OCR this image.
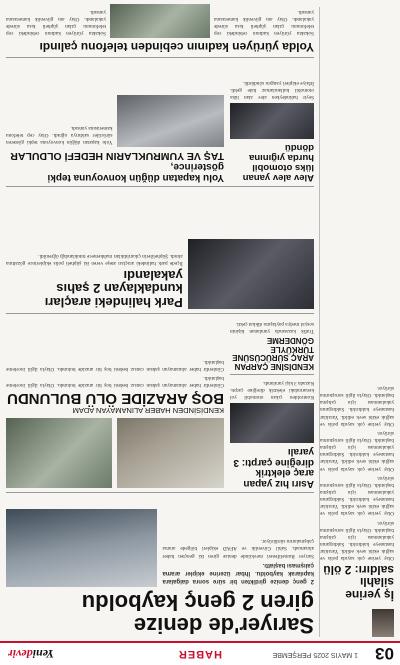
03
1 MAYIS 2025 PERŞEMBE
HABER
Yenidevir
İş yerine silahlı saldırı: 2 ölü

Olay yerine çok sayıda polis ve sağlık ekibi sevk edildi. Yaralılar hastaneye kaldırıldı. Saldırganın yakalanması için çalışma başlatıldı. Olayla ilgili soruşturma sürüyor.

Olay yerine çok sayıda polis ve sağlık ekibi sevk edildi. Yaralılar hastaneye kaldırıldı. Saldırganın yakalanması için çalışma başlatıldı. Olayla ilgili soruşturma sürüyor.

Olay yerine çok sayıda polis ve sağlık ekibi sevk edildi. Yaralılar hastaneye kaldırıldı. Saldırganın yakalanması için çalışma başlatıldı. Olayla ilgili soruşturma sürüyor.

Olay yerine çok sayıda polis ve sağlık ekibi sevk edildi. Yaralılar hastaneye kaldırıldı. Saldırganın yakalanması için çalışma başlatıldı. Olayla ilgili soruşturma sürüyor.

Sarıyer'de denize
giren 2 genç kayboldu

2 genç denize girdikten bir süre sonra dalgalara kapılarak kayboldu. İhbar üzerine ekipler arama çalışması başlattı.

Sarıyer Rumelifeneri mevkiinde denize giren iki gençten haber alınamadı. Sahil Güvenlik ve AFAD ekipleri bölgede arama çalışmalarını sürdürüyor.

Asırı hız yapan araç elektrik direğine çarptı: 3 yaralı

Kontrolden çıkan otomobil yol kenarındaki elektrik direğine çarptı. Kazada 3 kişi yaralandı.

KENDİSİNE ÇARPAN ARAÇ SÜRÜCÜSÜNE TÜRKÜYLE GÖNDERME

Trafik kazasında yaralanan kişinin sosyal medya paylaşımı dikkat çekti.

KENDİSİNDEN HABER ALINAMAYAN ADAM
BOŞ ARAZİDE ÖLÜ BULUNDU

Günlerdir haber alınamayan şahsın cansız bedeni boş bir arazide bulundu. Olayla ilgili inceleme başlatıldı.

Günlerdir haber alınamayan şahsın cansız bedeni boş bir arazide bulundu. Olayla ilgili inceleme başlatıldı.

Park halindeki araçları
kundaklayan 2 şahıs yakalandı

İlçede park halindeki araçları ateşe veren iki şüpheli polis ekiplerince gözaltına alındı. Şüphelilerin çıkarıldıkları mahkemece tutuklandığı öğrenildi.

Alev alev yanan lüks otomobil hurda yığınına döndü

Seyir halindeyken alev alan lüks otomobil kullanılamaz hale geldi. İtfaiye ekipleri yangını söndürdü.

Yolu kapatan düğün konvoyuna tepki gösterince,
TAŞ VE YUMRUKLARIN HEDEFİ OLDULAR

Yolu kapatan düğün konvoyuna tepki gösteren sürücüler saldırıya uğradı. Olay cep telefonu kamerasına yansıdı.

Yolda yürüyen kadının cebinden telefonu çalındı

Sokakta yürüyen kadının cebindeki cep telefonunu çalan şüpheli kısa sürede yakalandı. Olay anı güvenlik kamerasına yansıdı.

Sokakta yürüyen kadının cebindeki cep telefonunu çalan şüpheli kısa sürede yakalandı. Olay anı güvenlik kamerasına yansıdı.
